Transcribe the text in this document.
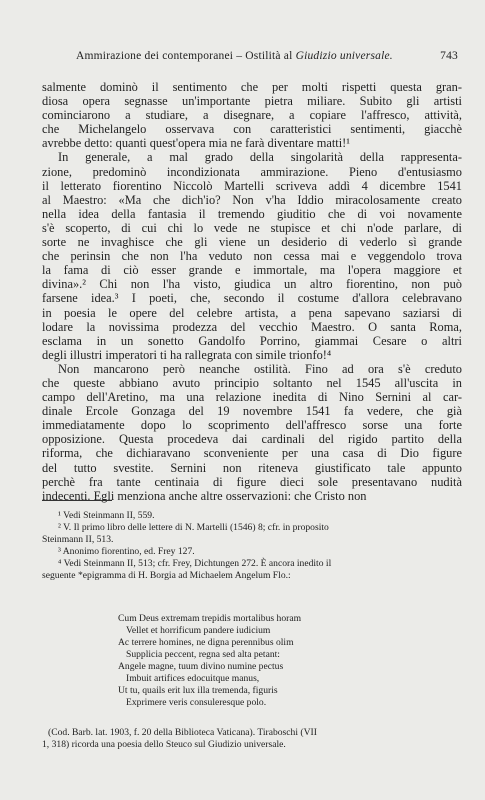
Ammirazione dei contemporanei – Ostilità al Giudizio universale.	743
salmente dominò il sentimento che per molti rispetti questa gran-
diosa opera segnasse un'importante pietra miliare. Subito gli artisti
cominciarono a studiare, a disegnare, a copiare l'affresco, attività,
che Michelangelo osservava con caratteristici sentimenti, giacchè
avrebbe detto: quanti quest'opera mia ne farà diventare matti!¹
In generale, a mal grado della singolarità della rappresenta-
zione, predominò incondizionata ammirazione. Pieno d'entusiasmo
il letterato fiorentino Niccolò Martelli scriveva addì 4 dicembre 1541
al Maestro: «Ma che dich'io? Non v'ha Iddio miracolosamente creato
nella idea della fantasia il tremendo giuditio che di voi novamente
s'è scoperto, di cui chi lo vede ne stupisce et chi n'ode parlare, di
sorte ne invaghisce che gli viene un desiderio di vederlo sì grande
che perinsin che non l'ha veduto non cessa mai e veggendolo trova
la fama di ciò esser grande e immortale, ma l'opera maggiore et
divina».² Chi non l'ha visto, giudica un altro fiorentino, non può
farsene idea.³ I poeti, che, secondo il costume d'allora celebravano
in poesia le opere del celebre artista, a pena sapevano saziarsi di
lodare la novissima prodezza del vecchio Maestro. O santa Roma,
esclama in un sonetto Gandolfo Porrino, giammai Cesare o altri
degli illustri imperatori ti ha rallegrata con simile trionfo!⁴
Non mancarono però neanche ostilità. Fino ad ora s'è creduto
che queste abbiano avuto principio soltanto nel 1545 all'uscita in
campo dell'Aretino, ma una relazione inedita di Nino Sernini al car-
dinale Ercole Gonzaga del 19 novembre 1541 fa vedere, che già
immediatamente dopo lo scoprimento dell'affresco sorse una forte
opposizione. Questa procedeva dai cardinali del rigido partito della
riforma, che dichiaravano sconveniente per una casa di Dio figure
del tutto svestite. Sernini non riteneva giustificato tale appunto
perchè fra tante centinaia di figure dieci sole presentavano nudità
indecenti. Egli menziona anche altre osservazioni: che Cristo non
¹ Vedi Steinmann II, 559.
² V. Il primo libro delle lettere di N. Martelli (1546) 8; cfr. in proposito
Steinmann II, 513.
³ Anonimo fiorentino, ed. Frey 127.
⁴ Vedi Steinmann II, 513; cfr. Frey, Dichtungen 272. È ancora inedito il
seguente *epigramma di H. Borgia ad Michaelem Angelum Flo.:
Cum Deus extremam trepidis mortalibus horam
Vellet et horrificum pandere iudicium
Ac terrere homines, ne digna perennibus olim
Supplicia peccent, regna sed alta petant:
Angele magne, tuum divino numine pectus
Imbuit artifices edocuitque manus,
Ut tu, quails erit lux illa tremenda, figuris
Exprimere veris consuleresque polo.
(Cod. Barb. lat. 1903, f. 20 della Biblioteca Vaticana). Tiraboschi (VII
1, 318) ricorda una poesia dello Steuco sul Giudizio universale.
